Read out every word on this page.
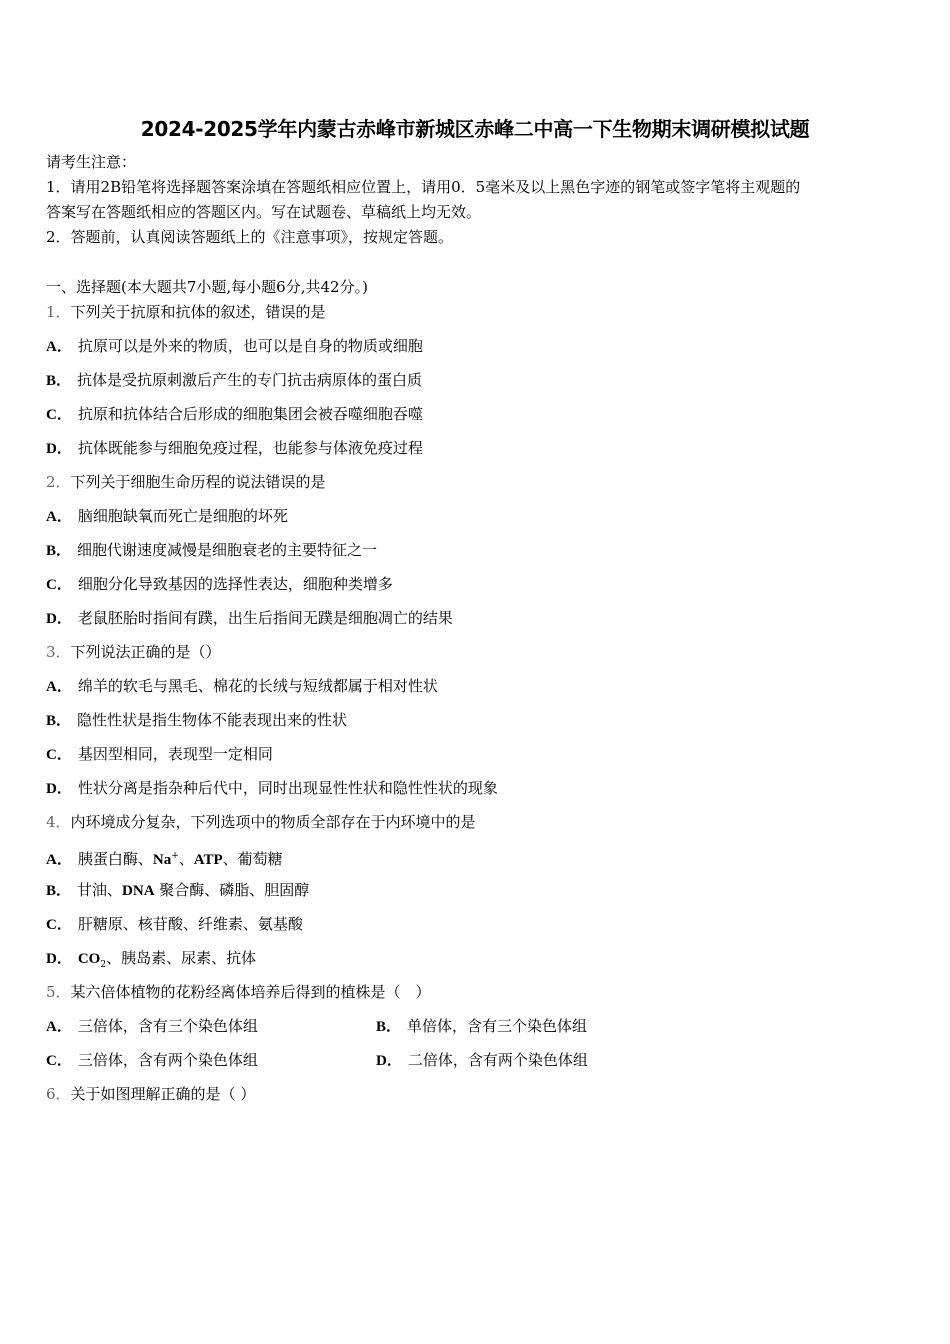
2024-2025学年内蒙古赤峰市新城区赤峰二中高一下生物期末调研模拟试题
请考生注意：
1．请用2B铅笔将选择题答案涂填在答题纸相应位置上，请用0．5毫米及以上黑色字迹的钢笔或签字笔将主观题的
答案写在答题纸相应的答题区内。写在试题卷、草稿纸上均无效。
2．答题前，认真阅读答题纸上的《注意事项》，按规定答题。
一、选择题(本大题共7小题,每小题6分,共42分。)
1．下列关于抗原和抗体的叙述，错误的是
A． 抗原可以是外来的物质，也可以是自身的物质或细胞
B． 抗体是受抗原刺激后产生的专门抗击病原体的蛋白质
C． 抗原和抗体结合后形成的细胞集团会被吞噬细胞吞噬
D． 抗体既能参与细胞免疫过程，也能参与体液免疫过程
2．下列关于细胞生命历程的说法错误的是
A． 脑细胞缺氧而死亡是细胞的坏死
B． 细胞代谢速度减慢是细胞衰老的主要特征之一
C． 细胞分化导致基因的选择性表达，细胞种类增多
D． 老鼠胚胎时指间有蹼，出生后指间无蹼是细胞凋亡的结果
3．下列说法正确的是（）
A． 绵羊的软毛与黑毛、棉花的长绒与短绒都属于相对性状
B． 隐性性状是指生物体不能表现出来的性状
C． 基因型相同，表现型一定相同
D． 性状分离是指杂种后代中，同时出现显性性状和隐性性状的现象
4．内环境成分复杂，下列选项中的物质全部存在于内环境中的是
A． 胰蛋白酶、Na+、ATP、葡萄糖
B． 甘油、DNA 聚合酶、磷脂、胆固醇
C． 肝糖原、核苷酸、纤维素、氨基酸
D． $CO_2$、胰岛素、尿素、抗体
5．某六倍体植物的花粉经离体培养后得到的植株是（　）
A． 三倍体，含有三个染色体组	B． 单倍体，含有三个染色体组
C． 三倍体，含有两个染色体组	D． 二倍体，含有两个染色体组
6．关于如图理解正确的是（ ）
